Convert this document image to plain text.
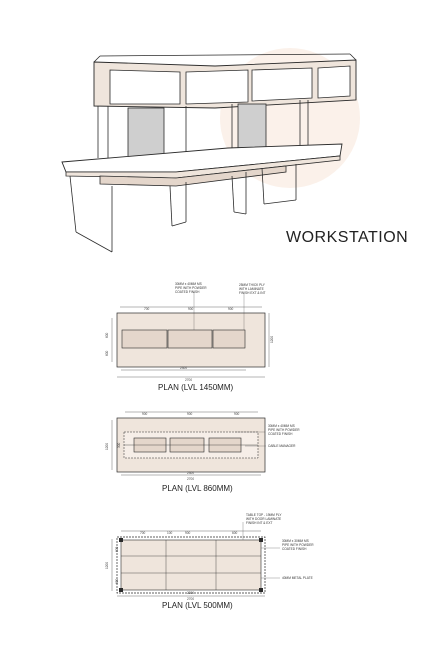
700	900	900
600
600
1200
2300
2700
30MM x 40MM MS
PIPE WITH POWDER
COATED FINISH
25MM THICK PLY
WITH LAMINATE
FINISH EXT & INT
900	900	900
1200	300
2300
2700
30MM x 40MM MS
PIPE WITH POWDER
COATED FINISH
CABLE MANAGER
700	100	900	600
1200
600
600
2300
2700
TABLE TOP - 19MM PLY
WITH DOOR LAMINATE
FINISH INT & EXT
30MM x 30MM MS
PIPE WITH POWDER
COATED FINISH
40MM METAL PLATE
WORKSTATION
PLAN (LVL 1450MM)
PLAN (LVL 860MM)
PLAN (LVL 500MM)
